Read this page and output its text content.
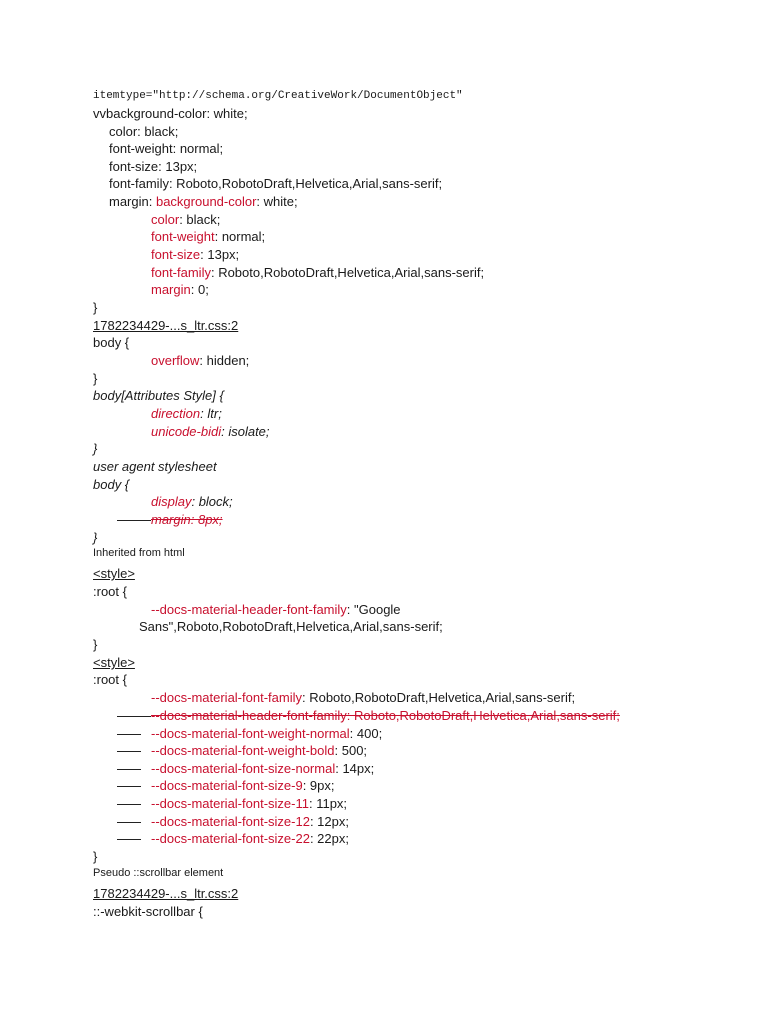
itemtype="http://schema.org/CreativeWork/DocumentObject"
vvbackground-color: white;
color: black;
font-weight: normal;
font-size: 13px;
font-family: Roboto,RobotoDraft,Helvetica,Arial,sans-serif;
margin: background-color: white;
color: black;
font-weight: normal;
font-size: 13px;
font-family: Roboto,RobotoDraft,Helvetica,Arial,sans-serif;
margin: 0;
}
1782234429-...s_ltr.css:2
body {
overflow: hidden;
}
body[Attributes Style] {
direction: ltr;
unicode-bidi: isolate;
}
user agent stylesheet
body {
display: block;
margin: 8px;
}
Inherited from html
<style>
:root {
--docs-material-header-font-family: "Google
Sans",Roboto,RobotoDraft,Helvetica,Arial,sans-serif;
}
<style>
:root {
--docs-material-font-family: Roboto,RobotoDraft,Helvetica,Arial,sans-serif;
--docs-material-header-font-family: Roboto,RobotoDraft,Helvetica,Arial,sans-serif;
--docs-material-font-weight-normal: 400;
--docs-material-font-weight-bold: 500;
--docs-material-font-size-normal: 14px;
--docs-material-font-size-9: 9px;
--docs-material-font-size-11: 11px;
--docs-material-font-size-12: 12px;
--docs-material-font-size-22: 22px;
}
Pseudo ::scrollbar element
1782234429-...s_ltr.css:2
::-webkit-scrollbar {
